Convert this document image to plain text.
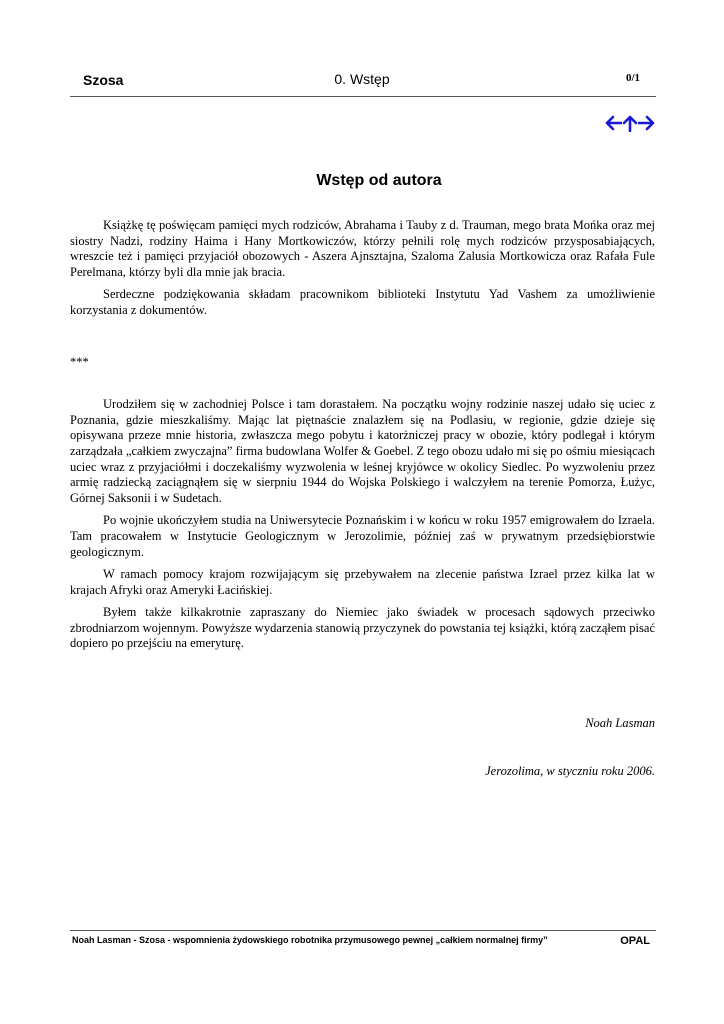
Szosa	0. Wstęp	0/1
Wstęp od autora

Książkę tę poświęcam pamięci mych rodziców, Abrahama i Tauby z d. Trauman, mego brata Mońka oraz mej siostry Nadzi, rodziny Haima i Hany Mortkowiczów, którzy pełnili rolę mych rodziców przysposabiających, wreszcie też i pamięci przyjaciół obozowych - Aszera Ajnsztajna, Szaloma Zalusia Mortkowicza oraz Rafała Fule Perelmana, którzy byli dla mnie jak bracia.

Serdeczne podziękowania składam pracownikom biblioteki Instytutu Yad Vashem za umożliwienie korzystania z dokumentów.

***

Urodziłem się w zachodniej Polsce i tam dorastałem. Na początku wojny rodzinie naszej udało się uciec z Poznania, gdzie mieszkaliśmy. Mając lat piętnaście znalazłem się na Podlasiu, w regionie, gdzie dzieje się opisywana przeze mnie historia, zwłaszcza mego pobytu i katorżniczej pracy w obozie, który podlegał i którym zarządzała „całkiem zwyczajna” firma budowlana Wolfer & Goebel. Z tego obozu udało mi się po ośmiu miesiącach uciec wraz z przyjaciółmi i doczekaliśmy wyzwolenia w leśnej kryjówce w okolicy Siedlec. Po wyzwoleniu przez armię radziecką zaciągnąłem się w sierpniu 1944 do Wojska Polskiego i walczyłem na terenie Pomorza, Łużyc, Górnej Saksonii i w Sudetach.

Po wojnie ukończyłem studia na Uniwersytecie Poznańskim i w końcu w roku 1957 emigrowałem do Izraela. Tam pracowałem w Instytucie Geologicznym w Jerozolimie, później zaś w prywatnym przedsiębiorstwie geologicznym.

W ramach pomocy krajom rozwijającym się przebywałem na zlecenie państwa Izrael przez kilka lat w krajach Afryki oraz Ameryki Łacińskiej.

Byłem także kilkakrotnie zapraszany do Niemiec jako świadek w procesach sądowych przeciwko zbrodniarzom wojennym. Powyższe wydarzenia stanowią przyczynek do powstania tej książki, którą zacząłem pisać dopiero po przejściu na emeryturę.

Noah Lasman
Jerozolima, w styczniu roku 2006.
Noah Lasman - Szosa - wspomnienia żydowskiego robotnika przymusowego pewnej „całkiem normalnej firmy”	OPAL
